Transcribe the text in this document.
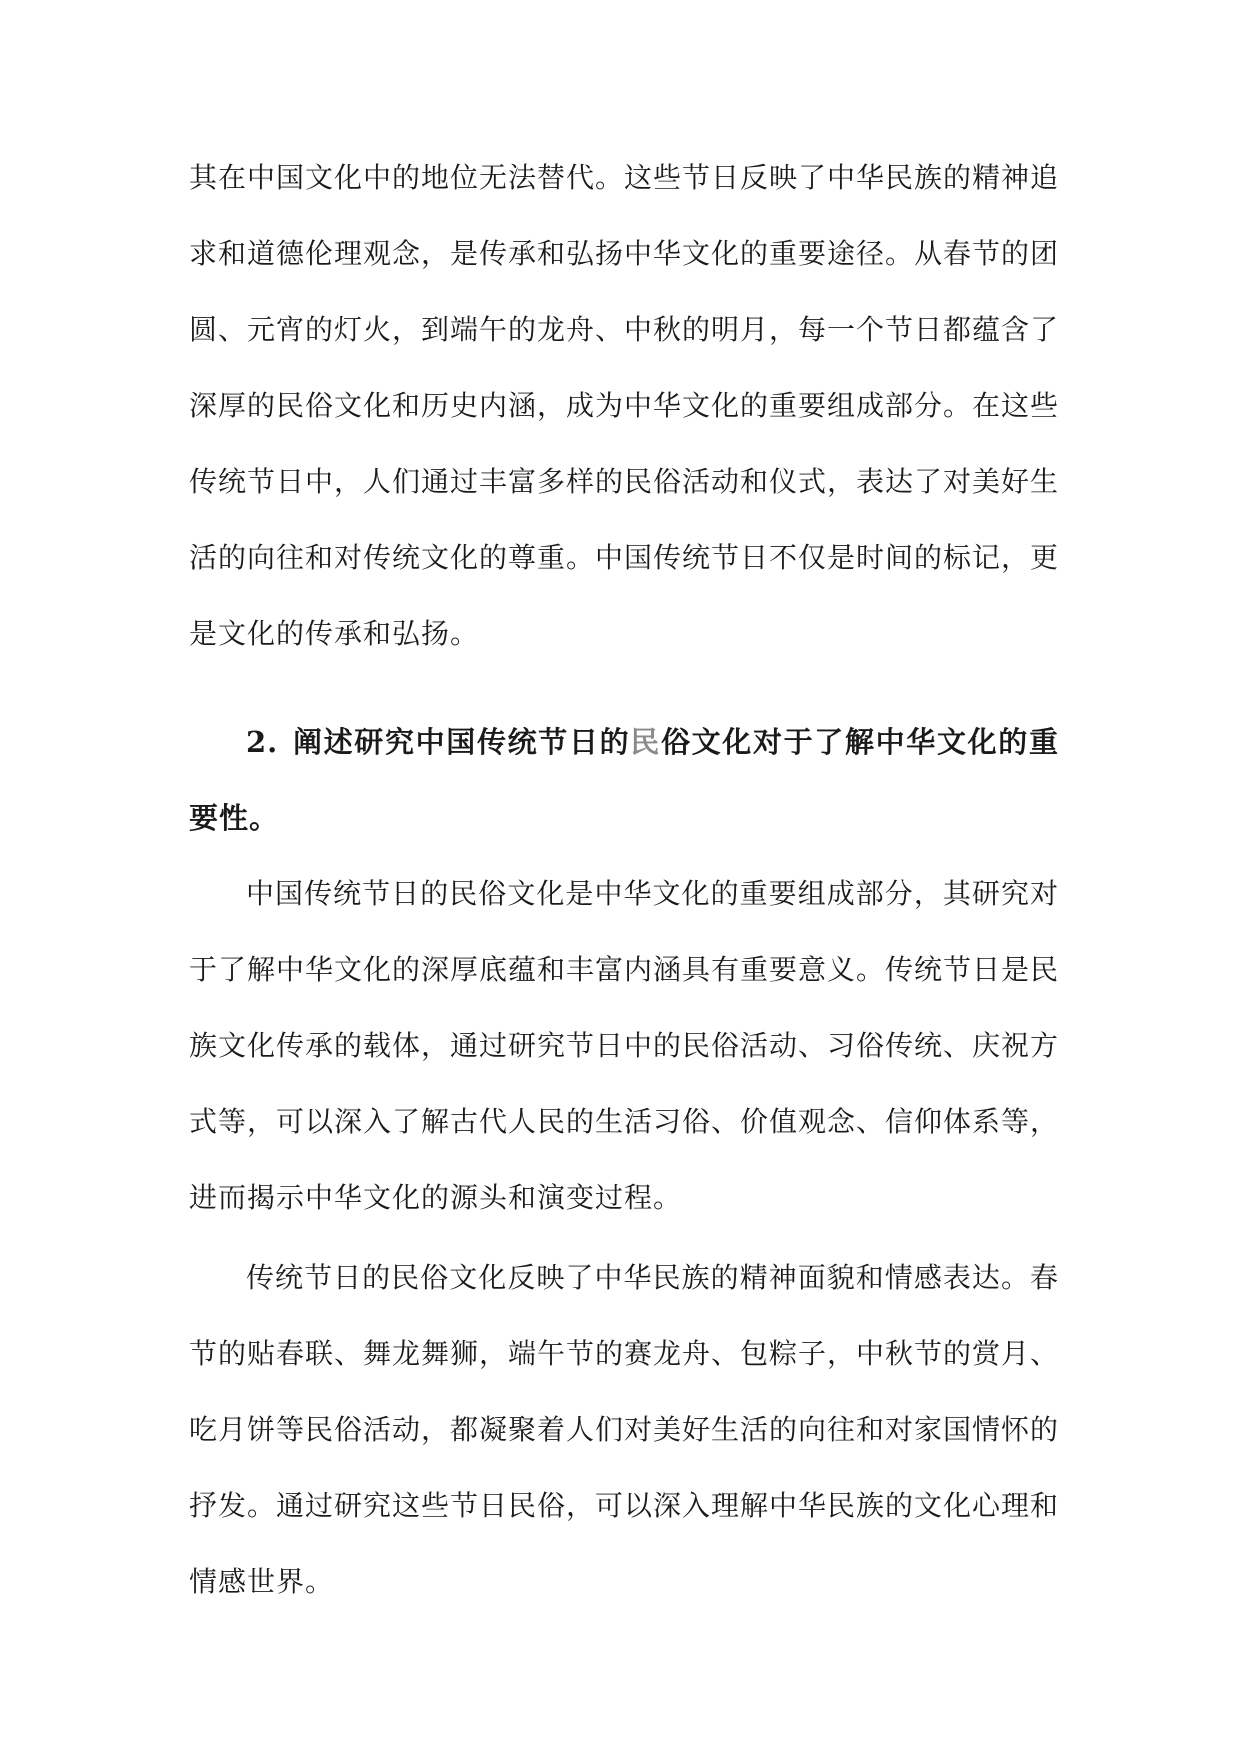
其在中国文化中的地位无法替代。这些节日反映了中华民族的精神追求和道德伦理观念，是传承和弘扬中华文化的重要途径。从春节的团圆、元宵的灯火，到端午的龙舟、中秋的明月，每一个节日都蕴含了深厚的民俗文化和历史内涵，成为中华文化的重要组成部分。在这些传统节日中，人们通过丰富多样的民俗活动和仪式，表达了对美好生活的向往和对传统文化的尊重。中国传统节日不仅是时间的标记，更是文化的传承和弘扬。

2. 阐述研究中国传统节日的民俗文化对于了解中华文化的重要性。

中国传统节日的民俗文化是中华文化的重要组成部分，其研究对于了解中华文化的深厚底蕴和丰富内涵具有重要意义。传统节日是民族文化传承的载体，通过研究节日中的民俗活动、习俗传统、庆祝方式等，可以深入了解古代人民的生活习俗、价值观念、信仰体系等，进而揭示中华文化的源头和演变过程。

传统节日的民俗文化反映了中华民族的精神面貌和情感表达。春节的贴春联、舞龙舞狮，端午节的赛龙舟、包粽子，中秋节的赏月、吃月饼等民俗活动，都凝聚着人们对美好生活的向往和对家国情怀的抒发。通过研究这些节日民俗，可以深入理解中华民族的文化心理和情感世界。
